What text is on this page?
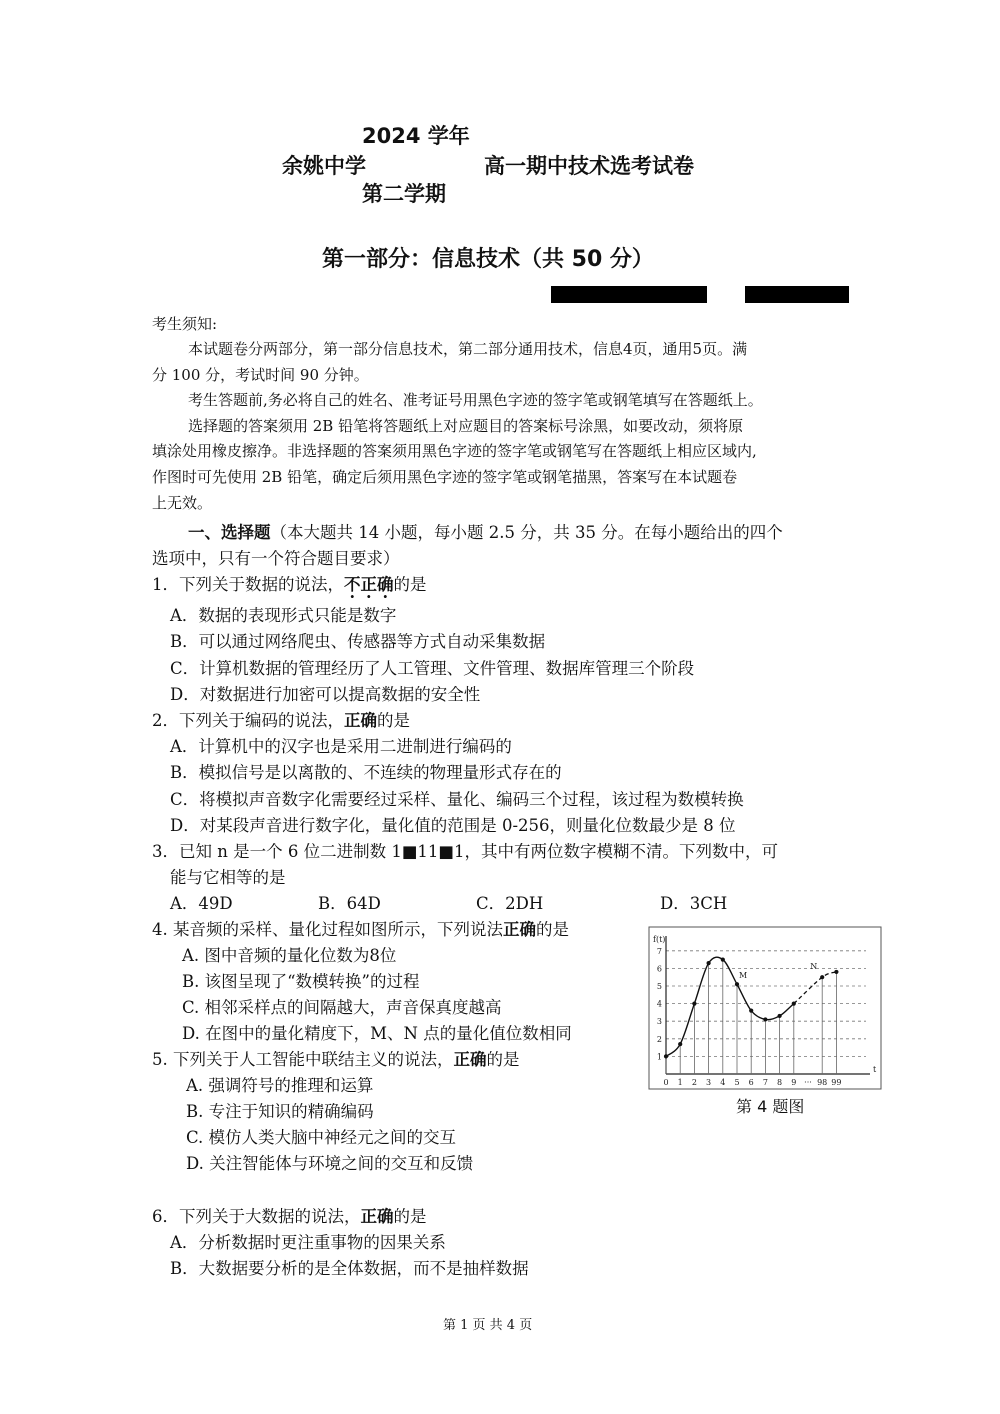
2024 学年
余姚中学	高一期中技术选考试卷
第二学期
第一部分：信息技术（共 50 分）
考生须知:
本试题卷分两部分，第一部分信息技术，第二部分通用技术，信息4页，通用5页。满
分 100 分，考试时间 90 分钟。
考生答题前,务必将自己的姓名、准考证号用黑色字迹的签字笔或钢笔填写在答题纸上。
选择题的答案须用 2B 铅笔将答题纸上对应题目的答案标号涂黑，如要改动，须将原
填涂处用橡皮擦净。非选择题的答案须用黑色字迹的签字笔或钢笔写在答题纸上相应区域内,
作图时可先使用 2B 铅笔，确定后须用黑色字迹的签字笔或钢笔描黑，答案写在本试题卷
上无效。
一、选择题（本大题共 14 小题，每小题 2.5 分，共 35 分。在每小题给出的四个
选项中，只有一个符合题目要求）
1．下列关于数据的说法，不正确的是
A．数据的表现形式只能是数字
B．可以通过网络爬虫、传感器等方式自动采集数据
C．计算机数据的管理经历了人工管理、文件管理、数据库管理三个阶段
D．对数据进行加密可以提高数据的安全性
2．下列关于编码的说法，正确的是
A．计算机中的汉字也是采用二进制进行编码的
B．模拟信号是以离散的、不连续的物理量形式存在的
C．将模拟声音数字化需要经过采样、量化、编码三个过程，该过程为数模转换
D．对某段声音进行数字化，量化值的范围是 0-256，则量化位数最少是 8 位
3．已知 n 是一个 6 位二进制数 1■11■1，其中有两位数字模糊不清。下列数中，可
能与它相等的是
A．49D	B．64D	C．2DH	D．3CH
4. 某音频的采样、量化过程如图所示，下列说法正确的是
A. 图中音频的量化位数为8位
B. 该图呈现了“数模转换”的过程
C. 相邻采样点的间隔越大，声音保真度越高
D. 在图中的量化精度下，M、N 点的量化值位数相同
1
2
3
4
5
6
7
f(t)
t
0 1 2 3 4 5 6 7 8 9 ··· 98 99
M
N
第 4 题图
5. 下列关于人工智能中联结主义的说法，正确的是
A. 强调符号的推理和运算
B. 专注于知识的精确编码
C. 模仿人类大脑中神经元之间的交互
D. 关注智能体与环境之间的交互和反馈
6．下列关于大数据的说法，正确的是
A．分析数据时更注重事物的因果关系
B．大数据要分析的是全体数据，而不是抽样数据
第 1 页 共 4 页
